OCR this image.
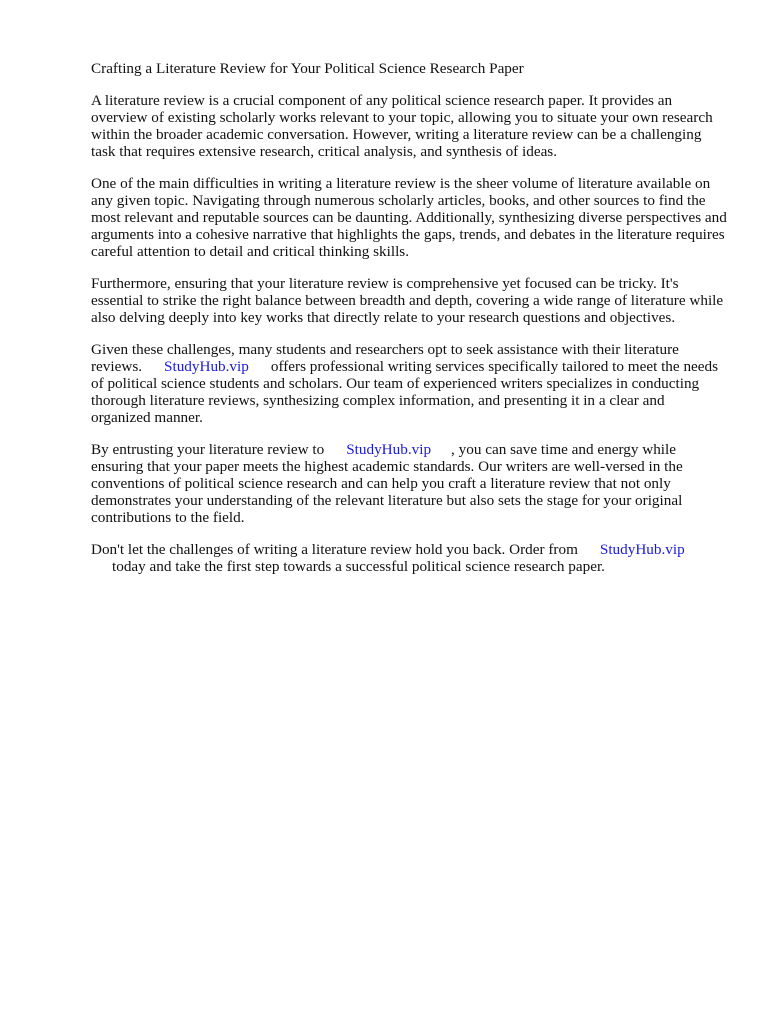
Crafting a Literature Review for Your Political Science Research Paper

A literature review is a crucial component of any political science research paper. It provides an overview of existing scholarly works relevant to your topic, allowing you to situate your own research within the broader academic conversation. However, writing a literature review can be a challenging task that requires extensive research, critical analysis, and synthesis of ideas.

One of the main difficulties in writing a literature review is the sheer volume of literature available on any given topic. Navigating through numerous scholarly articles, books, and other sources to find the most relevant and reputable sources can be daunting. Additionally, synthesizing diverse perspectives and arguments into a cohesive narrative that highlights the gaps, trends, and debates in the literature requires careful attention to detail and critical thinking skills.

Furthermore, ensuring that your literature review is comprehensive yet focused can be tricky. It's essential to strike the right balance between breadth and depth, covering a wide range of literature while also delving deeply into key works that directly relate to your research questions and objectives.

Given these challenges, many students and researchers opt to seek assistance with their literature reviews. StudyHub.vip offers professional writing services specifically tailored to meet the needs of political science students and scholars. Our team of experienced writers specializes in conducting thorough literature reviews, synthesizing complex information, and presenting it in a clear and organized manner.

By entrusting your literature review to StudyHub.vip , you can save time and energy while ensuring that your paper meets the highest academic standards. Our writers are well-versed in the conventions of political science research and can help you craft a literature review that not only demonstrates your understanding of the relevant literature but also sets the stage for your original contributions to the field.

Don't let the challenges of writing a literature review hold you back. Order from StudyHub.vip
today and take the first step towards a successful political science research paper.
